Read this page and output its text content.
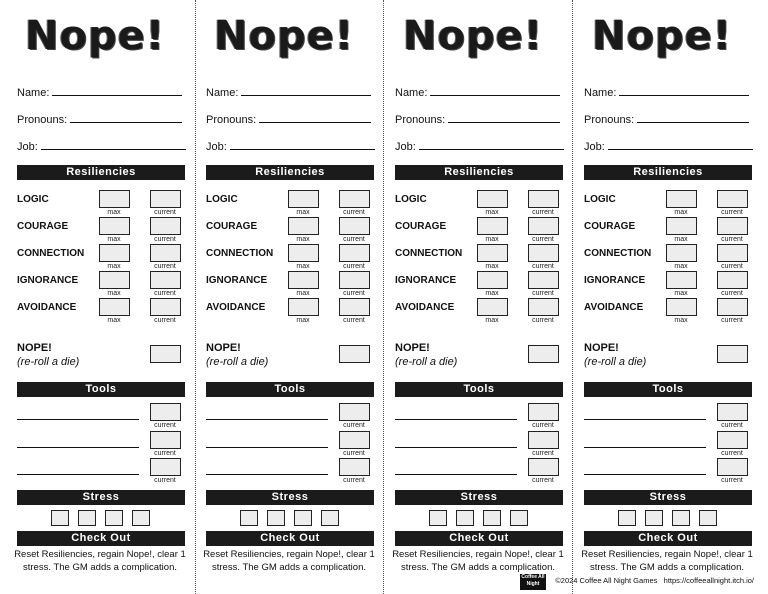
Nope!
Name:
Pronouns:
Job:
Resiliencies
LOGIC
max	current
COURAGE
max	current
CONNECTION
max	current
IGNORANCE
max	current
AVOIDANCE
max	current
NOPE!
(re-roll a die)
Tools
current
current
current
Stress
Check Out
Reset Resiliencies, regain Nope!, clear 1 stress. The GM adds a complication.
Nope!
Name:
Pronouns:
Job:
Resiliencies
LOGIC
max	current
COURAGE
max	current
CONNECTION
max	current
IGNORANCE
max	current
AVOIDANCE
max	current
NOPE!
(re-roll a die)
Tools
current
current
current
Stress
Check Out
Reset Resiliencies, regain Nope!, clear 1 stress. The GM adds a complication.
Nope!
Name:
Pronouns:
Job:
Resiliencies
LOGIC
max	current
COURAGE
max	current
CONNECTION
max	current
IGNORANCE
max	current
AVOIDANCE
max	current
NOPE!
(re-roll a die)
Tools
current
current
current
Stress
Check Out
Reset Resiliencies, regain Nope!, clear 1 stress. The GM adds a complication.
Nope!
Name:
Pronouns:
Job:
Resiliencies
LOGIC
max	current
COURAGE
max	current
CONNECTION
max	current
IGNORANCE
max	current
AVOIDANCE
max	current
NOPE!
(re-roll a die)
Tools
current
current
current
Stress
Check Out
Reset Resiliencies, regain Nope!, clear 1 stress. The GM adds a complication.
Coffee All Night	©2024 Coffee All Night Games https://coffeeallnight.itch.io/
